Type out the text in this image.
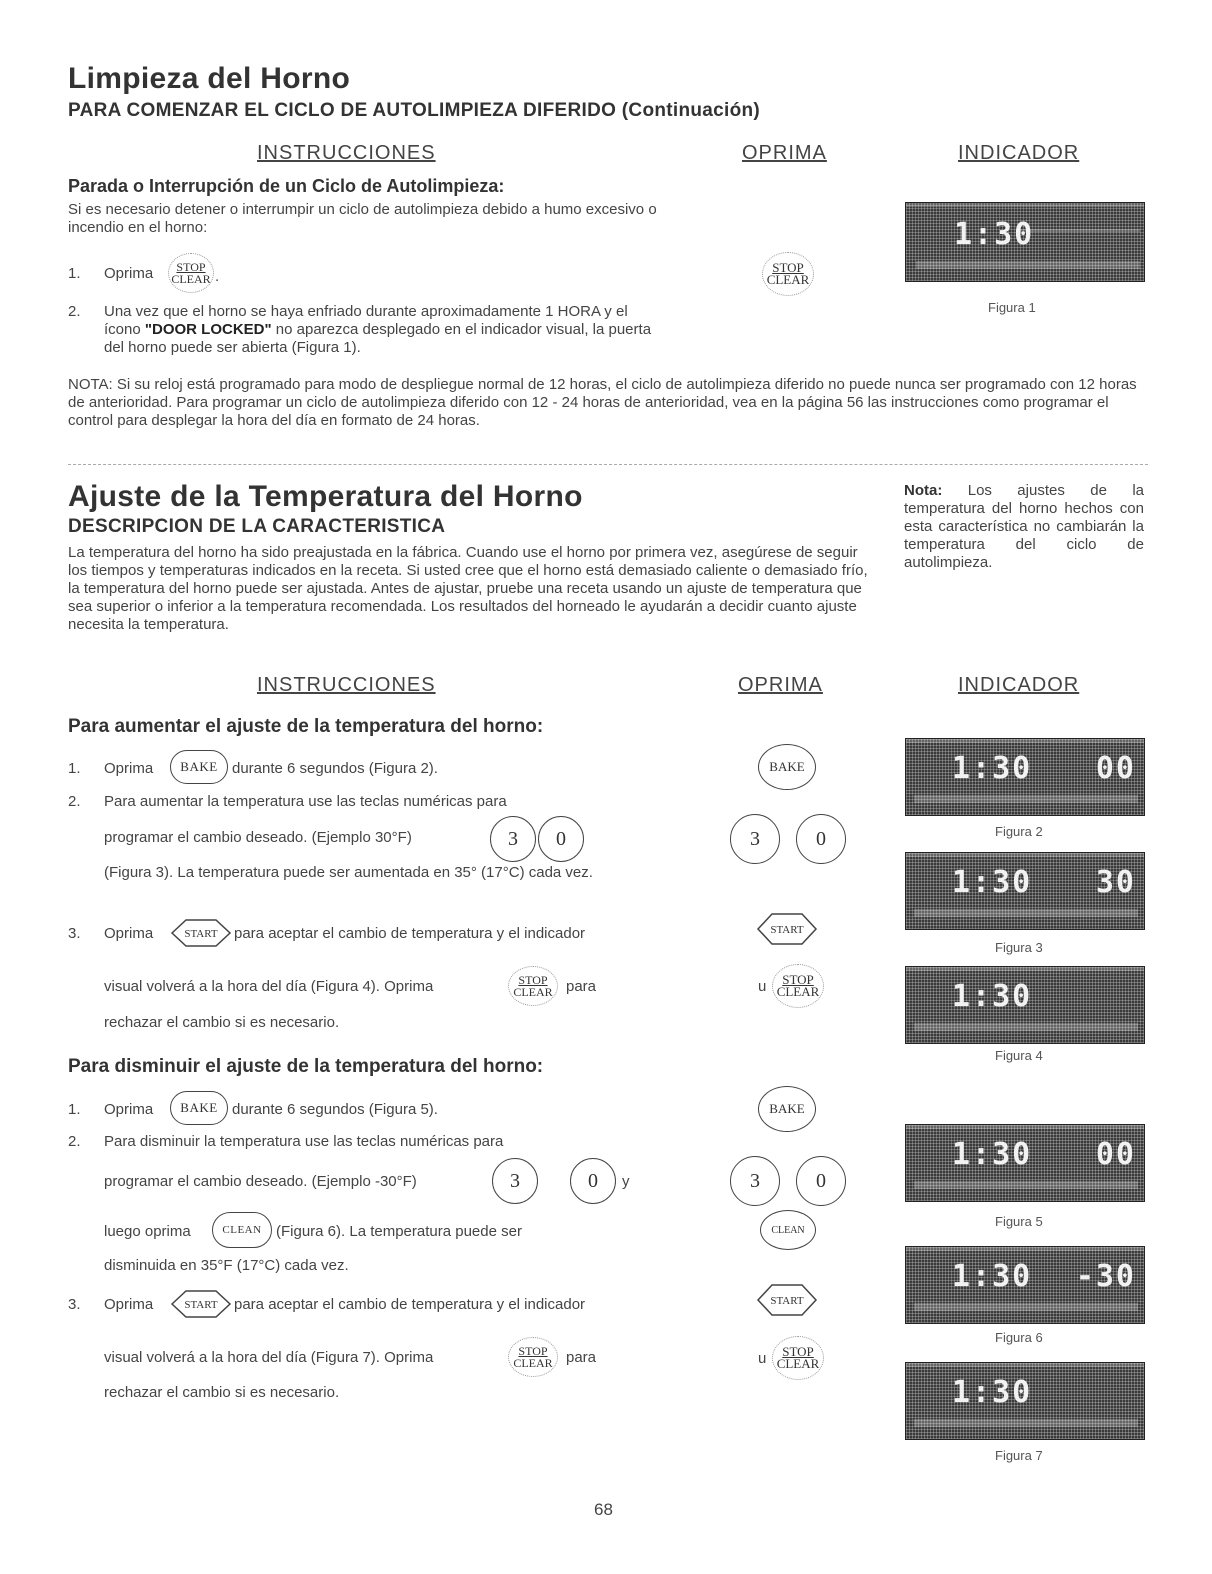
Limpieza del Horno
PARA COMENZAR EL CICLO DE AUTOLIMPIEZA DIFERIDO (Continuación)
INSTRUCCIONES	OPRIMA	INDICADOR
Parada o Interrupción de un Ciclo de Autolimpieza:
Si es necesario detener o interrumpir un ciclo de autolimpieza debido a humo excesivo o incendio en el horno:
1. Oprima STOP
CLEAR .
2. Una vez que el horno se haya enfriado durante aproximadamente 1 HORA y el ícono "DOOR LOCKED" no aparezca desplegado en el indicador visual, la puerta del horno puede ser abierta (Figura 1).
STOP
CLEAR
1:30
Figura 1
NOTA: Si su reloj está programado para modo de despliegue normal de 12 horas, el ciclo de autolimpieza diferido no puede nunca ser programado con 12 horas de anterioridad. Para programar un ciclo de autolimpieza diferido con 12 - 24 horas de anterioridad, vea en la página 56 las instrucciones como programar el control para desplegar la hora del día en formato de 24 horas.
Ajuste de la Temperatura del Horno
DESCRIPCION DE LA CARACTERISTICA
La temperatura del horno ha sido preajustada en la fábrica. Cuando use el horno por primera vez, asegúrese de seguir los tiempos y temperaturas indicados en la receta. Si usted cree que el horno está demasiado caliente o demasiado frío, la temperatura del horno puede ser ajustada. Antes de ajustar, pruebe una receta usando un ajuste de temperatura que sea superior o inferior a la temperatura recomendada. Los resultados del horneado le ayudarán a decidir cuanto ajuste necesita la temperatura.
Nota: Los ajustes de la temperatura del horno hechos con esta característica no cambiarán la temperatura del ciclo de autolimpieza.
INSTRUCCIONES	OPRIMA	INDICADOR
Para aumentar el ajuste de la temperatura del horno:
1. Oprima	BAKE durante 6 segundos (Figura 2).
2. Para aumentar la temperatura use las teclas numéricas para
programar el cambio deseado. (Ejemplo 30°F)	3	0
(Figura 3). La temperatura puede ser aumentada en 35° (17°C) cada vez.
3. Oprima	START para aceptar el cambio de temperatura y el indicador
visual volverá a la hora del día (Figura 4). Oprima	STOP
CLEAR para
rechazar el cambio si es necesario.
BAKE
3	0
START
u STOP
CLEAR
Para disminuir el ajuste de la temperatura del horno:
1. Oprima	BAKE durante 6 segundos (Figura 5).
2. Para disminuir la temperatura use las teclas numéricas para
programar el cambio deseado. (Ejemplo -30°F)	3	0	y
luego oprima	CLEAN (Figura 6). La temperatura puede ser
disminuida en 35°F (17°C) cada vez.
3. Oprima	START para aceptar el cambio de temperatura y el indicador
visual volverá a la hora del día (Figura 7). Oprima	STOP
CLEAR para
rechazar el cambio si es necesario.
BAKE
3	0
CLEAN
START
u STOP
CLEAR
1:30 00
Figura 2
1:30 30
Figura 3
1:30
Figura 4
1:30 00
Figura 5
1:30 -30
Figura 6
1:30
Figura 7
68
